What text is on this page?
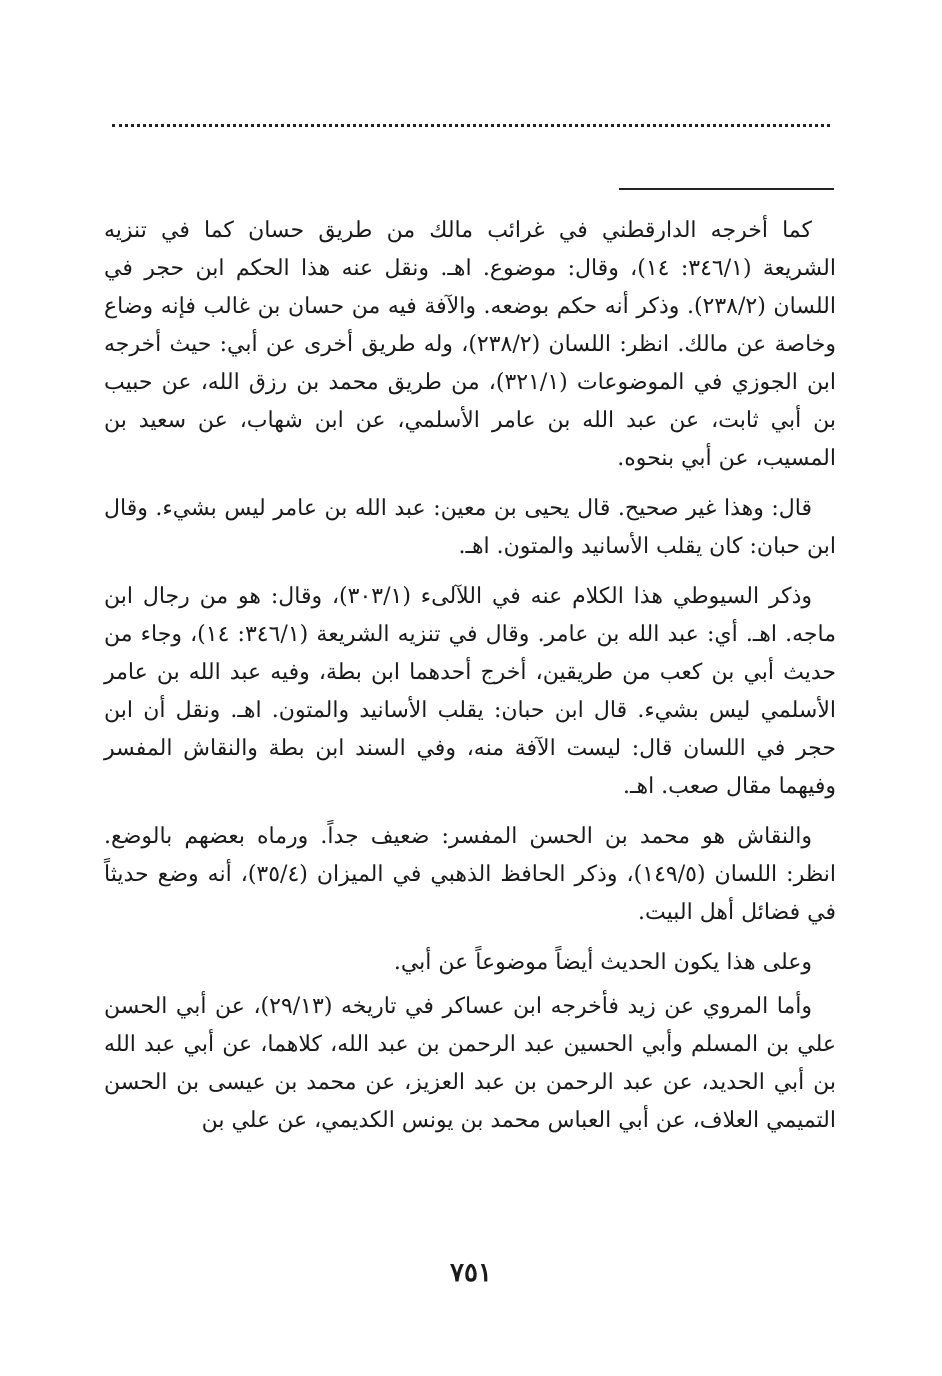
كما أخرجه الدارقطني في غرائب مالك من طريق حسان كما في تنزيه الشريعة (٣٤٦/١: ١٤)، وقال: موضوع. اهـ. ونقل عنه هذا الحكم ابن حجر في اللسان (٢٣٨/٢). وذكر أنه حكم بوضعه. والآفة فيه من حسان بن غالب فإنه وضاع وخاصة عن مالك. انظر: اللسان (٢٣٨/٢)، وله طريق أخرى عن أبي: حيث أخرجه ابن الجوزي في الموضوعات (٣٢١/١)، من طريق محمد بن رزق الله، عن حبيب بن أبي ثابت، عن عبد الله بن عامر الأسلمي، عن ابن شهاب، عن سعيد بن المسيب، عن أبي بنحوه.

قال: وهذا غير صحيح. قال يحيى بن معين: عبد الله بن عامر ليس بشيء. وقال ابن حبان: كان يقلب الأسانيد والمتون. اهـ.

وذكر السيوطي هذا الكلام عنه في اللآلىء (٣٠٣/١)، وقال: هو من رجال ابن ماجه. اهـ. أي: عبد الله بن عامر. وقال في تنزيه الشريعة (٣٤٦/١: ١٤)، وجاء من حديث أبي بن كعب من طريقين، أخرج أحدهما ابن بطة، وفيه عبد الله بن عامر الأسلمي ليس بشيء. قال ابن حبان: يقلب الأسانيد والمتون. اهـ. ونقل أن ابن حجر في اللسان قال: ليست الآفة منه، وفي السند ابن بطة والنقاش المفسر وفيهما مقال صعب. اهـ.

والنقاش هو محمد بن الحسن المفسر: ضعيف جداً. ورماه بعضهم بالوضع. انظر: اللسان (١٤٩/٥)، وذكر الحافظ الذهبي في الميزان (٣٥/٤)، أنه وضع حديثاً في فضائل أهل البيت.

وعلى هذا يكون الحديث أيضاً موضوعاً عن أبي.

وأما المروي عن زيد فأخرجه ابن عساكر في تاريخه (٢٩/١٣)، عن أبي الحسن علي بن المسلم وأبي الحسين عبد الرحمن بن عبد الله، كلاهما، عن أبي عبد الله بن أبي الحديد، عن عبد الرحمن بن عبد العزيز، عن محمد بن عيسى بن الحسن التميمي العلاف، عن أبي العباس محمد بن يونس الكديمي، عن علي بن

٧٥١
